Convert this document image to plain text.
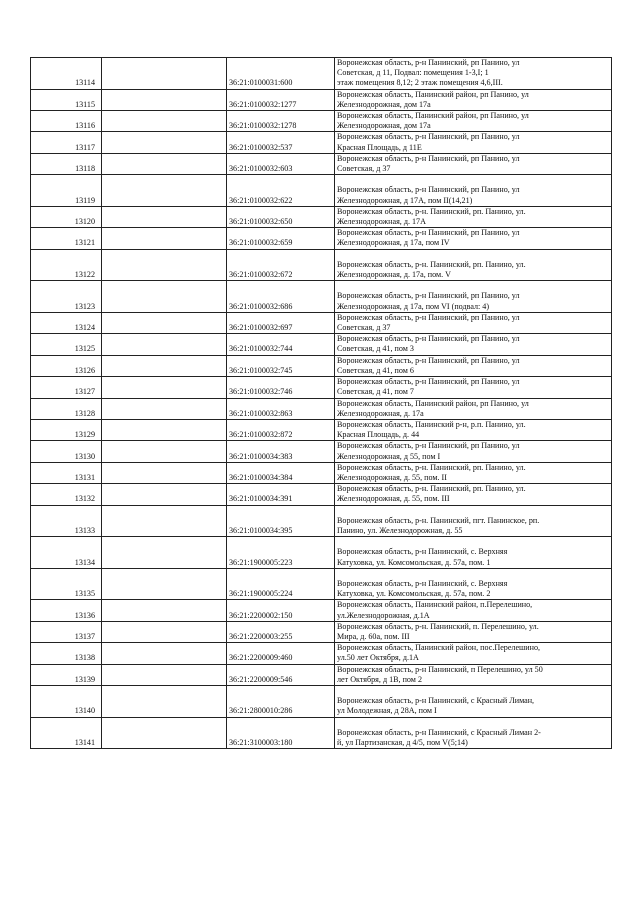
13114		36:21:0100031:600	Воронежская область, р-н Панинский, рп Панино, ул
Советская, д 11, Подвал: помещения 1-3,I; 1
этаж помещения 8,12; 2 этаж помещения 4,6,III.

13115		36:21:0100032:1277	Воронежская область, Панинский район, рп Панино, ул
Железнодорожная, дом 17а

13116		36:21:0100032:1278	Воронежская область, Панинский район, рп Панино, ул
Железнодорожная, дом 17а

13117		36:21:0100032:537	Воронежская область, р-н Панинский, рп Панино, ул
Красная Площадь, д 11Е

13118		36:21:0100032:603	Воронежская область, р-н Панинский, рп Панино, ул
Советская, д 37

13119		36:21:0100032:622	Воронежская область, р-н Панинский, рп Панино, ул
Железнодорожная, д 17А, пом II(14,21)

13120		36:21:0100032:650	Воронежская область, р-н. Панинский, рп. Панино, ул.
Железнодорожная, д. 17А

13121		36:21:0100032:659	Воронежская область, р-н Панинский, рп Панино, ул
Железнодорожная, д 17а, пом IV

13122		36:21:0100032:672	Воронежская область, р-н. Панинский, рп. Панино, ул.
Железнодорожная, д. 17а, пом. V

13123		36:21:0100032:686	Воронежская область, р-н Панинский, рп Панино, ул
Железнодорожная, д 17а, пом VI (подвал: 4)

13124		36:21:0100032:697	Воронежская область, р-н Панинский, рп Панино, ул
Советская, д 37

13125		36:21:0100032:744	Воронежская область, р-н Панинский, рп Панино, ул
Советская, д 41, пом 3

13126		36:21:0100032:745	Воронежская область, р-н Панинский, рп Панино, ул
Советская, д 41, пом 6

13127		36:21:0100032:746	Воронежская область, р-н Панинский, рп Панино, ул
Советская, д 41, пом 7

13128		36:21:0100032:863	Воронежская область, Панинский район, рп Панино, ул
Железнодорожная, д. 17а

13129		36:21:0100032:872	Воронежская область, Панинский р-н, р.п. Панино, ул.
Красная Площадь, д. 44

13130		36:21:0100034:383	Воронежская область, р-н Панинский, рп Панино, ул
Железнодорожная, д 55, пом I

13131		36:21:0100034:384	Воронежская область, р-н. Панинский, рп. Панино, ул.
Железнодорожная, д. 55, пом. II

13132		36:21:0100034:391	Воронежская область, р-н. Панинский, рп. Панино, ул.
Железнодорожная, д. 55, пом. III

13133		36:21:0100034:395	Воронежская область, р-н. Панинский, пгт. Панинское, рп.
Панино, ул. Железнодорожная, д. 55

13134		36:21:1900005:223	Воронежская область, р-н Панинский, с. Верхняя
Катуховка, ул. Комсомольская, д. 57а, пом. 1

13135		36:21:1900005:224	Воронежская область, р-н Панинский, с. Верхняя
Катуховка, ул. Комсомольская, д. 57а, пом. 2

13136		36:21:2200002:150	Воронежская область, Панинский район, п.Перелешино,
ул.Железнодорожная, д.1А

13137		36:21:2200003:255	Воронежская область, р-н. Панинский, п. Перелешино, ул.
Мира, д. 60а, пом. III

13138		36:21:2200009:460	Воронежская область, Панинский район, пос.Перелешино,
ул.50 лет Октября, д.1А

13139		36:21:2200009:546	Воронежская область, р-н Панинский, п Перелешино, ул 50
лет Октября, д 1В, пом 2

13140		36:21:2800010:286	Воронежская область, р-н Панинский, с Красный Лиман,
ул Молодежная, д 28А, пом I

13141		36:21:3100003:180	Воронежская область, р-н Панинский, с Красный Лиман 2-
й, ул Партизанская, д 4/5, пом V(5;14)
